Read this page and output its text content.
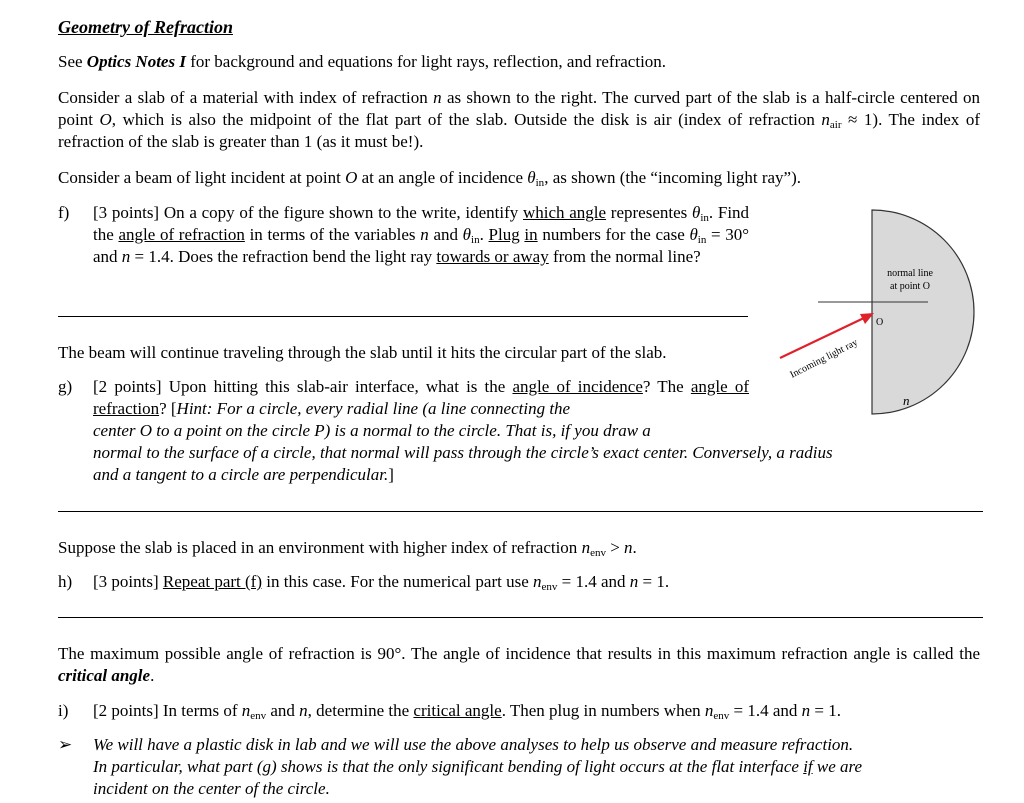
Geometry of Refraction
See Optics Notes I for background and equations for light rays, reflection, and refraction.
Consider a slab of a material with index of refraction n as shown to the right. The curved part of the slab is a half-circle centered on point O, which is also the midpoint of the flat part of the slab. Outside the disk is air (index of refraction $n_{air} \approx 1$). The index of refraction of the slab is greater than 1 (as it must be!).
Consider a beam of light incident at point O at an angle of incidence $\theta_{in}$, as shown (the “incoming light ray”).
f) [3 points] On a copy of the figure shown to the write, identify which angle representes $\theta_{in}$. Find the angle of refraction in terms of the variables n and $\theta_{in}$. Plug in numbers for the case $\theta_{in} = 30^\circ$ and n = 1.4. Does the refraction bend the light ray towards or away from the normal line?
The beam will continue traveling through the slab until it hits the circular part of the slab.
g) [2 points] Upon hitting this slab-air interface, what is the angle of incidence? The angle of refraction? [Hint: For a circle, every radial line (a line connecting the
center O to a point on the circle P) is a normal to the circle. That is, if you draw a
normal to the surface of a circle, that normal will pass through the circle’s exact center. Conversely, a radius
and a tangent to a circle are perpendicular.]
Suppose the slab is placed in an environment with higher index of refraction $n_{env} > n$.
h) [3 points] Repeat part (f) in this case. For the numerical part use $n_{env} = 1.4$ and n = 1.
The maximum possible angle of refraction is 90°. The angle of incidence that results in this maximum refraction angle is called the critical angle.
i) [2 points] In terms of $n_{env}$ and n, determine the critical angle. Then plug in numbers when $n_{env} = 1.4$ and n = 1.
➢ We will have a plastic disk in lab and we will use the above analyses to help us observe and measure refraction.
In particular, what part (g) shows is that the only significant bending of light occurs at the flat interface if we are
incident on the center of the circle.
normal line
at point O
O
Incoming light ray
n
